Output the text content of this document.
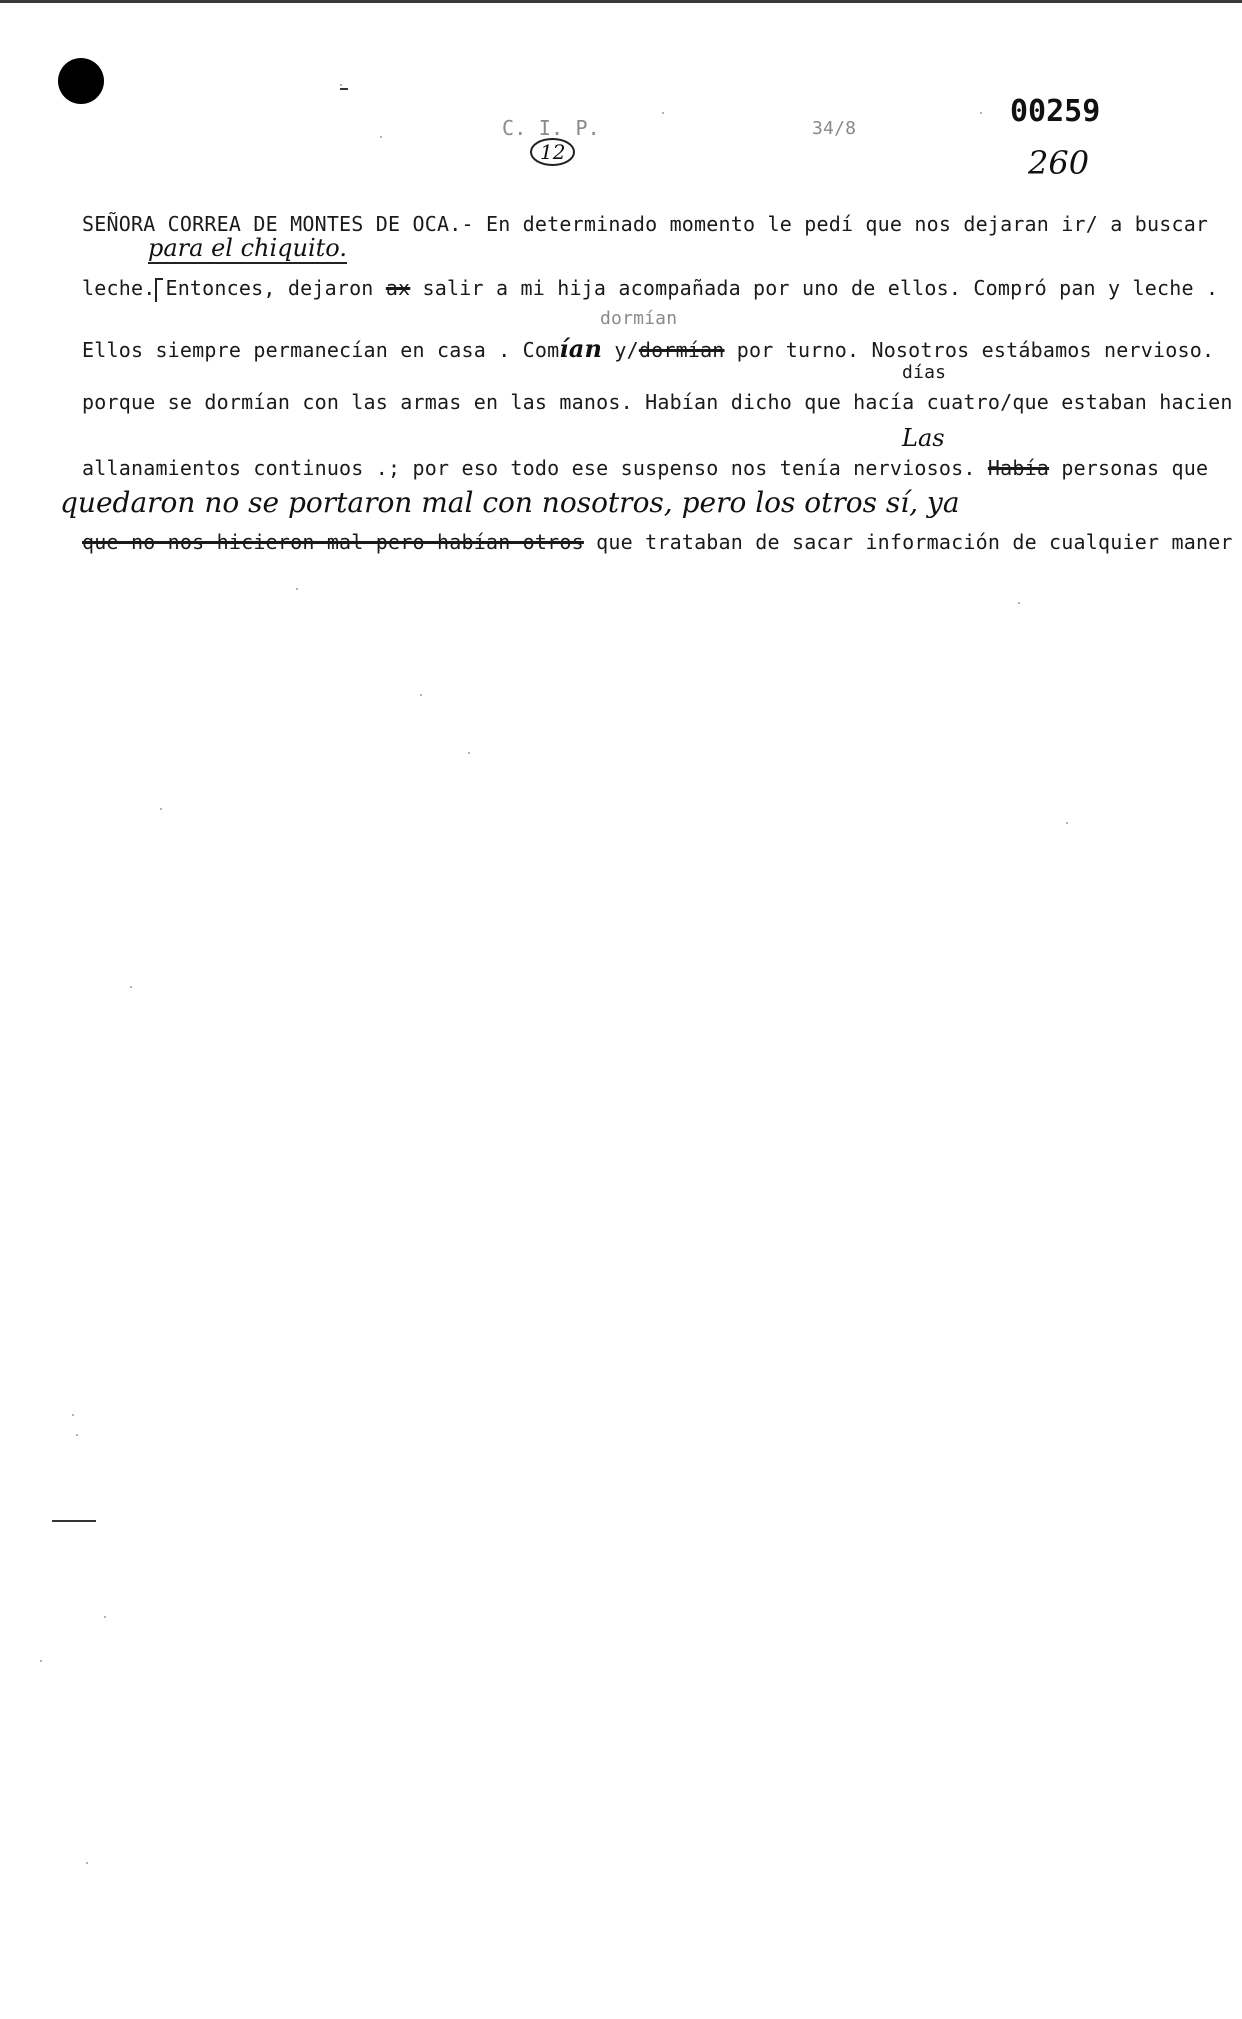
C. I. P.
12
34/8	00259
260
SEÑORA CORREA DE MONTES DE OCA.- En determinado momento le pedí que nos dejaran ir/ a buscar
para el chiquito.
leche. Entonces, dejaron ax salir a mi hija acompañada por uno de ellos. Compró pan y leche .
dormían
Ellos siempre permanecían en casa . Comían y/dormían por turno. Nosotros estábamos nervioso.
días
porque se dormían con las armas en las manos. Habían dicho que hacía cuatro/que estaban hacien
Las
allanamientos continuos .; por eso todo ese suspenso nos tenía nerviosos. Había personas que
quedaron no se portaron mal con nosotros, pero los otros sí, ya
que no nos hicieron mal pero habían otros que trataban de sacar información de cualquier maner
